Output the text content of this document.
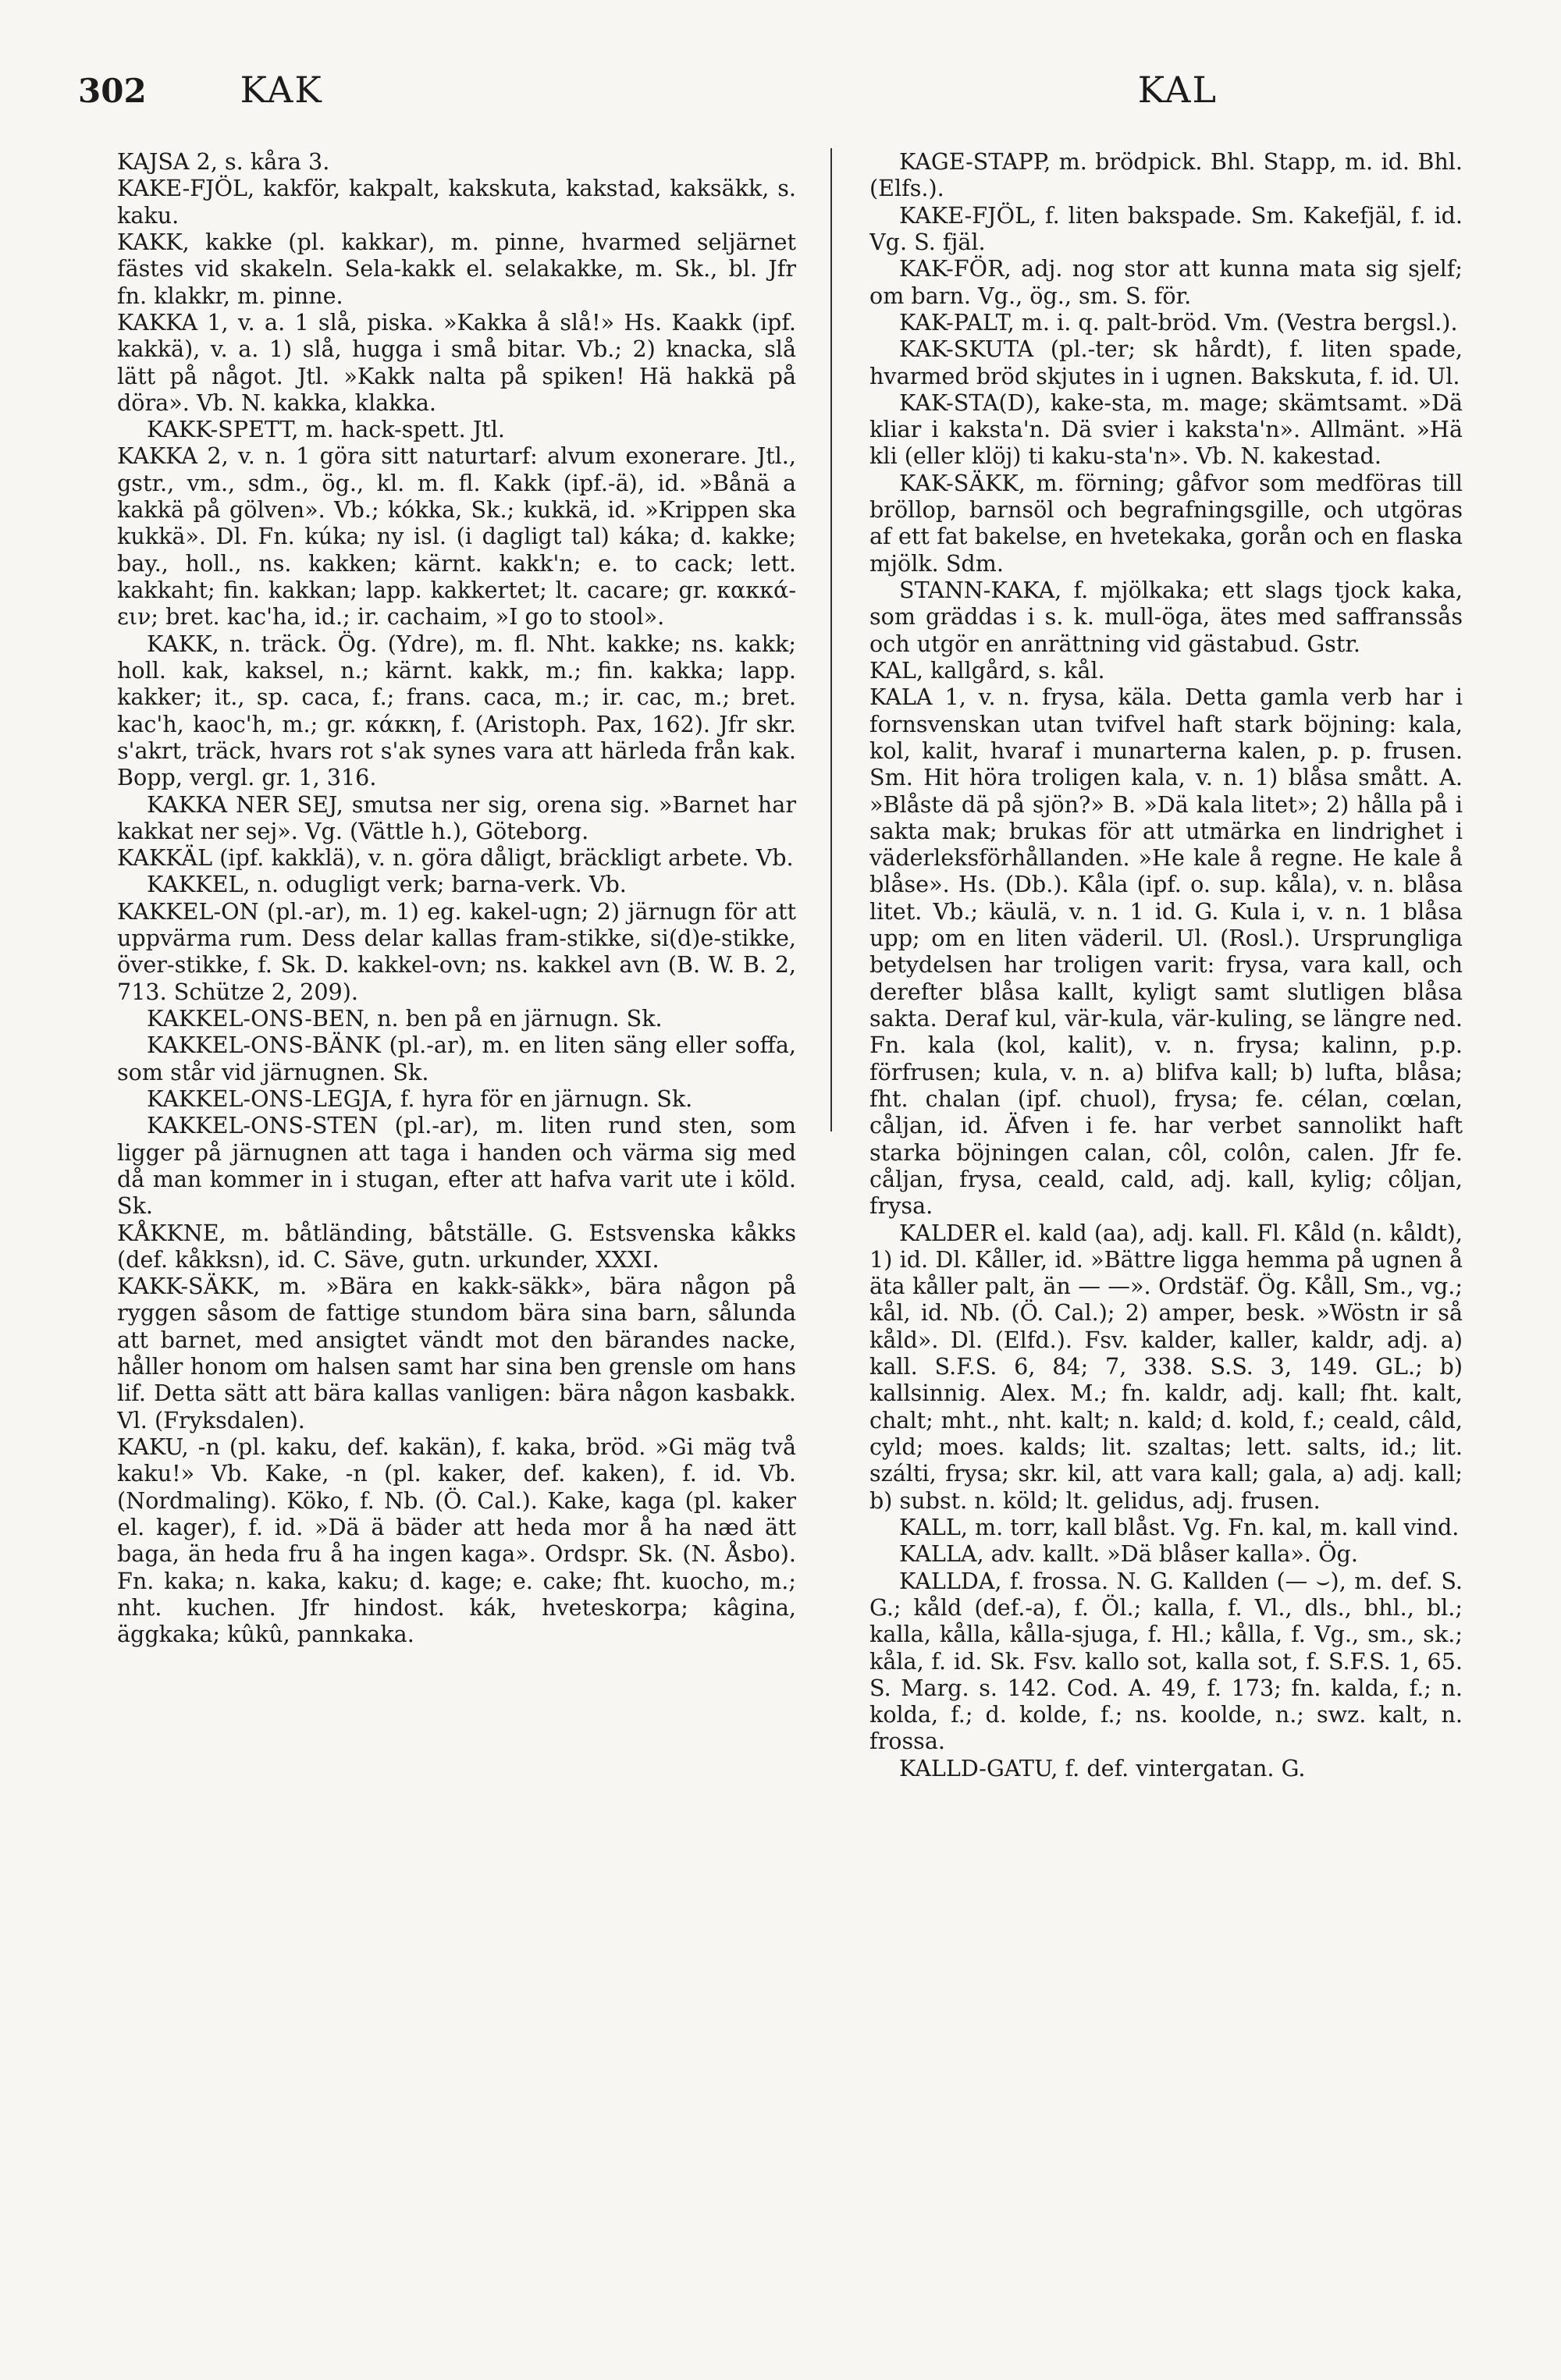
302	KAK	KAL

KAJSA 2, s. kåra 3.

KAKE-FJÖL, kakför, kakpalt, kakskuta, kakstad, kaksäkk, s. kaku.

KAKK, kakke (pl. kakkar), m. pinne, hvarmed seljärnet fästes vid skakeln. Sela-kakk el. selakakke, m. Sk., bl. Jfr fn. klakkr, m. pinne.

KAKKA 1, v. a. 1 slå, piska. »Kakka å slå!» Hs. Kaakk (ipf. kakkä), v. a. 1) slå, hugga i små bitar. Vb.; 2) knacka, slå lätt på något. Jtl. »Kakk nalta på spiken! Hä hakkä på döra». Vb. N. kakka, klakka.

KAKK-SPETT, m. hack-spett. Jtl.

KAKKA 2, v. n. 1 göra sitt naturtarf: alvum exonerare. Jtl., gstr., vm., sdm., ög., kl. m. fl. Kakk (ipf.-ä), id. »Bånä a kakkä på gölven». Vb.; kókka, Sk.; kukkä, id. »Krippen ska kukkä». Dl. Fn. kúka; ny isl. (i dagligt tal) káka; d. kakke; bay., holl., ns. kakken; kärnt. kakk'n; e. to cack; lett. kakkaht; fin. kakkan; lapp. kakkertet; lt. cacare; gr. κακκά-ειν; bret. kac'ha, id.; ir. cachaim, »I go to stool».

KAKK, n. träck. Ög. (Ydre), m. fl. Nht. kakke; ns. kakk; holl. kak, kaksel, n.; kärnt. kakk, m.; fin. kakka; lapp. kakker; it., sp. caca, f.; frans. caca, m.; ir. cac, m.; bret. kac'h, kaoc'h, m.; gr. κάκκη, f. (Aristoph. Pax, 162). Jfr skr. s'akrt, träck, hvars rot s'ak synes vara att härleda från kak. Bopp, vergl. gr. 1, 316.

KAKKA NER SEJ, smutsa ner sig, orena sig. »Barnet har kakkat ner sej». Vg. (Vättle h.), Göteborg.

KAKKÄL (ipf. kakklä), v. n. göra dåligt, bräckligt arbete. Vb.

KAKKEL, n. odugligt verk; barna-verk. Vb.

KAKKEL-ON (pl.-ar), m. 1) eg. kakel-ugn; 2) järnugn för att uppvärma rum. Dess delar kallas fram-stikke, si(d)e-stikke, över-stikke, f. Sk. D. kakkel-ovn; ns. kakkel avn (B. W. B. 2, 713. Schütze 2, 209).

KAKKEL-ONS-BEN, n. ben på en järnugn. Sk.

KAKKEL-ONS-BÄNK (pl.-ar), m. en liten säng eller soffa, som står vid järnugnen. Sk.

KAKKEL-ONS-LEGJA, f. hyra för en järnugn. Sk.

KAKKEL-ONS-STEN (pl.-ar), m. liten rund sten, som ligger på järnugnen att taga i handen och värma sig med då man kommer in i stugan, efter att hafva varit ute i köld. Sk.

KÅKKNE, m. båtländing, båtställe. G. Estsvenska kåkks (def. kåkksn), id. C. Säve, gutn. urkunder, XXXI.

KAKK-SÄKK, m. »Bära en kakk-säkk», bära någon på ryggen såsom de fattige stundom bära sina barn, sålunda att barnet, med ansigtet vändt mot den bärandes nacke, håller honom om halsen samt har sina ben grensle om hans lif. Detta sätt att bära kallas vanligen: bära någon kasbakk. Vl. (Fryksdalen).

KAKU, -n (pl. kaku, def. kakän), f. kaka, bröd. »Gi mäg två kaku!» Vb. Kake, -n (pl. kaker, def. kaken), f. id. Vb. (Nordmaling). Köko, f. Nb. (Ö. Cal.). Kake, kaga (pl. kaker el. kager), f. id. »Dä ä bäder att heda mor å ha næd ätt baga, än heda fru å ha ingen kaga». Ordspr. Sk. (N. Åsbo). Fn. kaka; n. kaka, kaku; d. kage; e. cake; fht. kuocho, m.; nht. kuchen. Jfr hindost. kák, hveteskorpa; kâgina, äggkaka; kûkû, pannkaka.

KAGE-STAPP, m. brödpick. Bhl. Stapp, m. id. Bhl. (Elfs.).

KAKE-FJÖL, f. liten bakspade. Sm. Kakefjäl, f. id. Vg. S. fjäl.

KAK-FÖR, adj. nog stor att kunna mata sig sjelf; om barn. Vg., ög., sm. S. för.

KAK-PALT, m. i. q. palt-bröd. Vm. (Vestra bergsl.).

KAK-SKUTA (pl.-ter; sk hårdt), f. liten spade, hvarmed bröd skjutes in i ugnen. Bakskuta, f. id. Ul.

KAK-STA(D), kake-sta, m. mage; skämtsamt. »Dä kliar i kaksta'n. Dä svier i kaksta'n». Allmänt. »Hä kli (eller klöj) ti kaku-sta'n». Vb. N. kakestad.

KAK-SÄKK, m. förning; gåfvor som medföras till bröllop, barnsöl och begrafningsgille, och utgöras af ett fat bakelse, en hvetekaka, gorån och en flaska mjölk. Sdm.

STANN-KAKA, f. mjölkaka; ett slags tjock kaka, som gräddas i s. k. mull-öga, ätes med saffranssås och utgör en anrättning vid gästabud. Gstr.

KAL, kallgård, s. kål.

KALA 1, v. n. frysa, käla. Detta gamla verb har i fornsvenskan utan tvifvel haft stark böjning: kala, kol, kalit, hvaraf i munarterna kalen, p. p. frusen. Sm. Hit höra troligen kala, v. n. 1) blåsa smått. A. »Blåste dä på sjön?» B. »Dä kala litet»; 2) hålla på i sakta mak; brukas för att utmärka en lindrighet i väderleksförhållanden. »He kale å regne. He kale å blåse». Hs. (Db.). Kåla (ipf. o. sup. kåla), v. n. blåsa litet. Vb.; käulä, v. n. 1 id. G. Kula i, v. n. 1 blåsa upp; om en liten väderil. Ul. (Rosl.). Ursprungliga betydelsen har troligen varit: frysa, vara kall, och derefter blåsa kallt, kyligt samt slutligen blåsa sakta. Deraf kul, vär-kula, vär-kuling, se längre ned. Fn. kala (kol, kalit), v. n. frysa; kalinn, p.p. förfrusen; kula, v. n. a) blifva kall; b) lufta, blåsa; fht. chalan (ipf. chuol), frysa; fe. célan, cœlan, cåljan, id. Äfven i fe. har verbet sannolikt haft starka böjningen calan, côl, colôn, calen. Jfr fe. cåljan, frysa, ceald, cald, adj. kall, kylig; côljan, frysa.

KALDER el. kald (aa), adj. kall. Fl. Kåld (n. kåldt), 1) id. Dl. Kåller, id. »Bättre ligga hemma på ugnen å äta kåller palt, än — —». Ordstäf. Ög. Kåll, Sm., vg.; kål, id. Nb. (Ö. Cal.); 2) amper, besk. »Wöstn ir så kåld». Dl. (Elfd.). Fsv. kalder, kaller, kaldr, adj. a) kall. S.F.S. 6, 84; 7, 338. S.S. 3, 149. GL.; b) kallsinnig. Alex. M.; fn. kaldr, adj. kall; fht. kalt, chalt; mht., nht. kalt; n. kald; d. kold, f.; ceald, câld, cyld; moes. kalds; lit. szaltas; lett. salts, id.; lit. szálti, frysa; skr. kil, att vara kall; gala, a) adj. kall; b) subst. n. köld; lt. gelidus, adj. frusen.

KALL, m. torr, kall blåst. Vg. Fn. kal, m. kall vind.

KALLA, adv. kallt. »Dä blåser kalla». Ög.

KALLDA, f. frossa. N. G. Kallden (— ⌣), m. def. S. G.; kåld (def.-a), f. Öl.; kalla, f. Vl., dls., bhl., bl.; kalla, kålla, kålla-sjuga, f. Hl.; kålla, f. Vg., sm., sk.; kåla, f. id. Sk. Fsv. kallo sot, kalla sot, f. S.F.S. 1, 65. S. Marg. s. 142. Cod. A. 49, f. 173; fn. kalda, f.; n. kolda, f.; d. kolde, f.; ns. koolde, n.; swz. kalt, n. frossa.

KALLD-GATU, f. def. vintergatan. G.
